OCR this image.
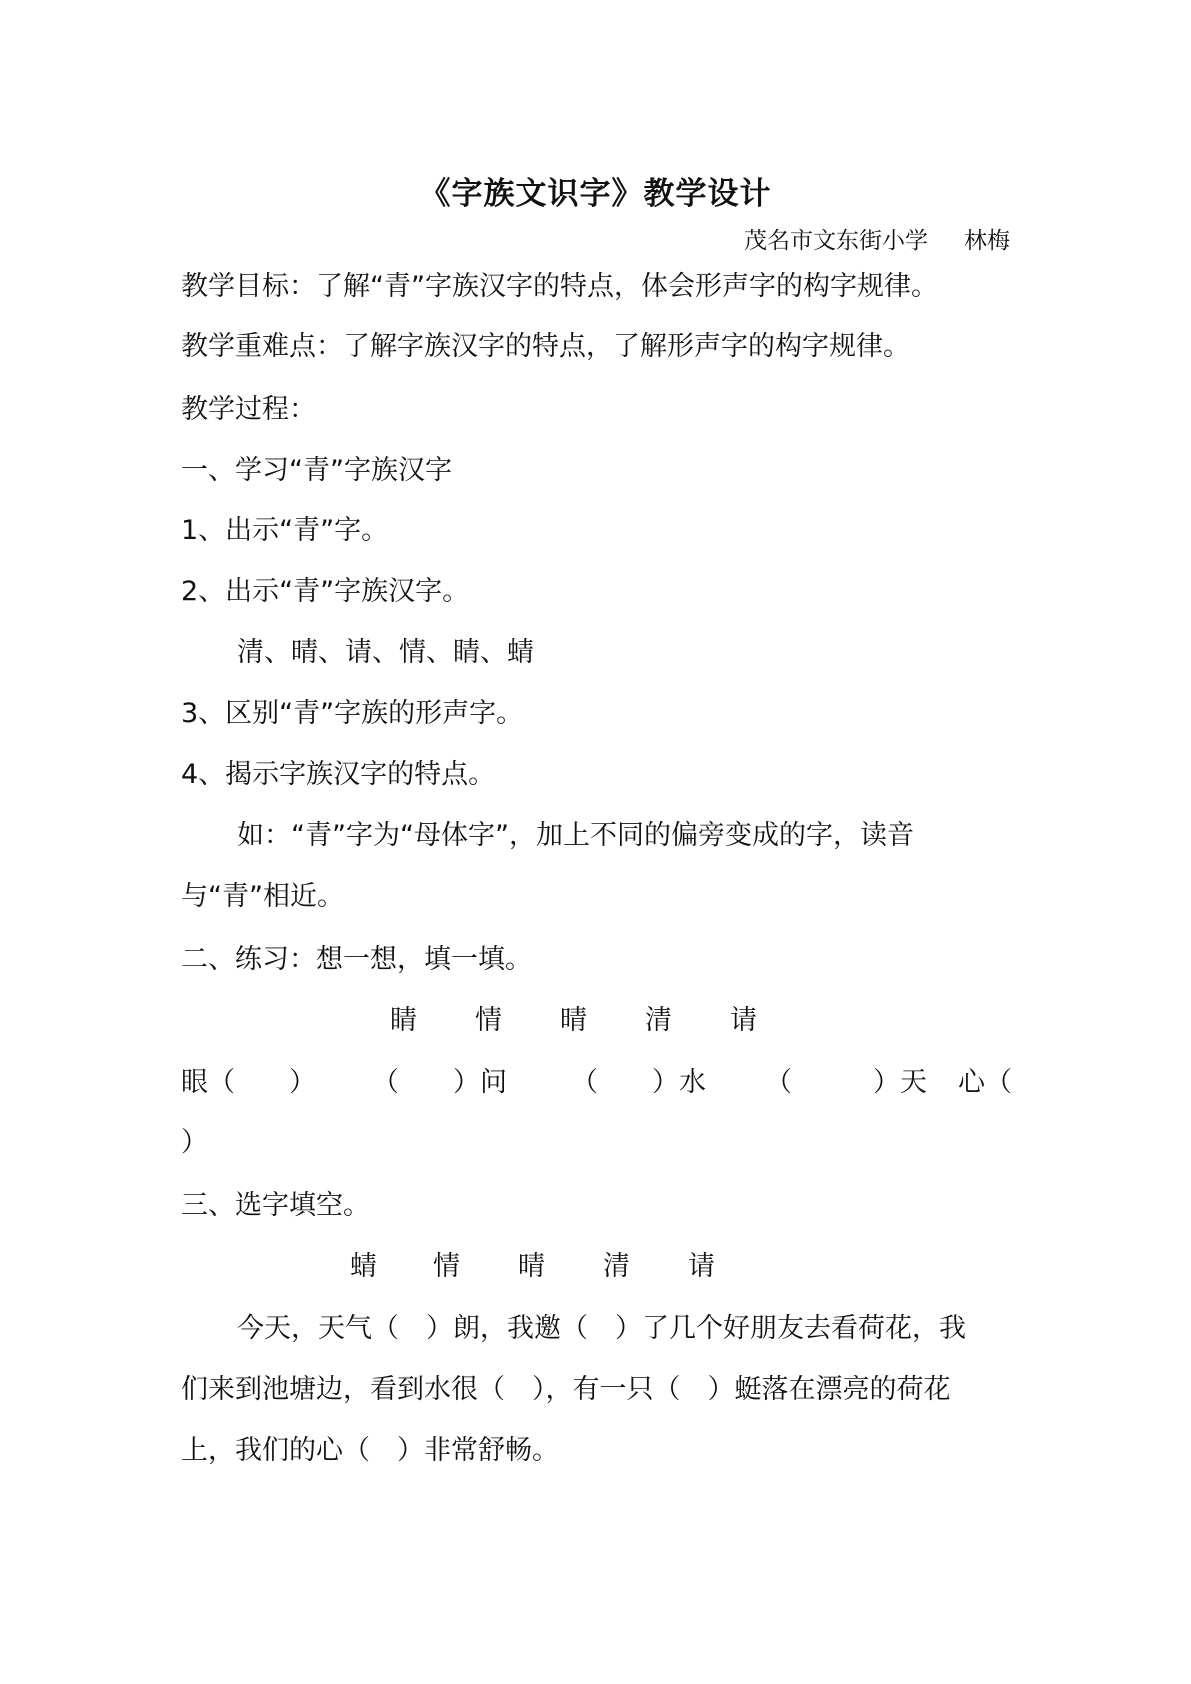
《字族文识字》教学设计
茂名市文东街小学 林梅
教学目标：了解“青”字族汉字的特点，体会形声字的构字规律。
教学重难点：了解字族汉字的特点，了解形声字的构字规律。
教学过程：
一、学习“青”字族汉字
1、出示“青”字。
2、出示“青”字族汉字。
清、晴、请、情、睛、蜻
3、区别“青”字族的形声字。
4、揭示字族汉字的特点。
如：“青”字为“母体字”，加上不同的偏旁变成的字，读音
与“青”相近。
二、练习：想一想，填一填。
睛 情 晴 清 请
眼（　　） （　　）问 （　　）水 （　　　）天 心（
）
三、选字填空。
蜻 情 晴 清 请
今天，天气（　）朗，我邀（　）了几个好朋友去看荷花，我
们来到池塘边，看到水很（　），有一只（　）蜓落在漂亮的荷花
上，我们的心（　）非常舒畅。
